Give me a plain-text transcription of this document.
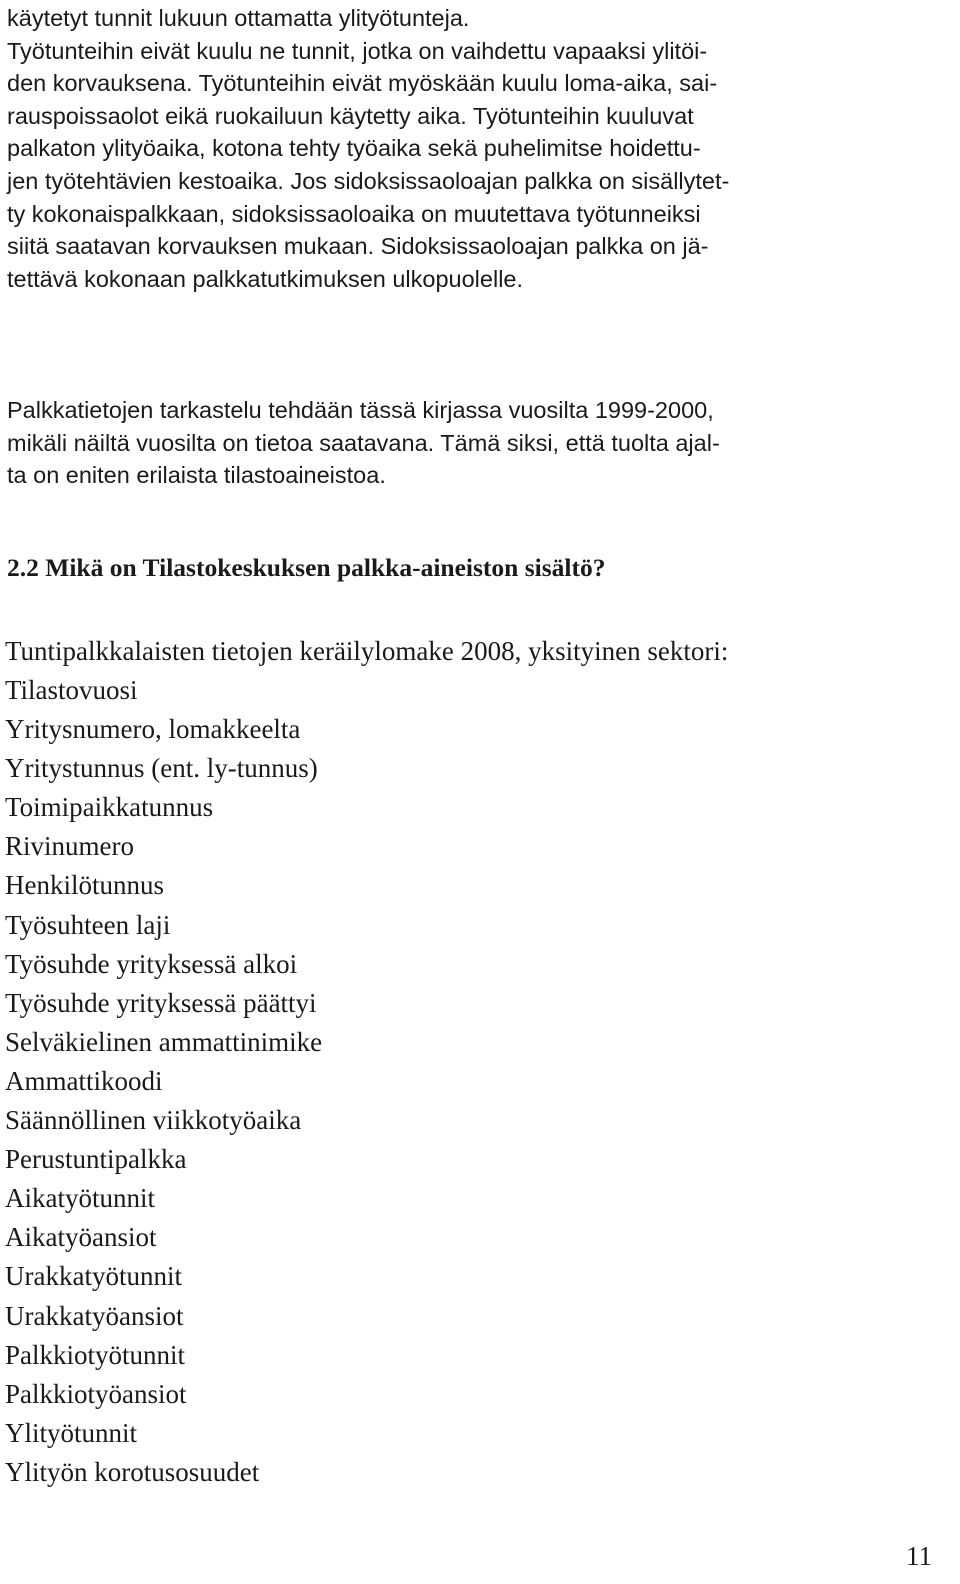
käytetyt tunnit lukuun ottamatta ylityötunteja.
Työtunteihin eivät kuulu ne tunnit, jotka on vaihdettu vapaaksi ylitöi-
den korvauksena. Työtunteihin eivät myöskään kuulu loma-aika, sai-
rauspoissaolot eikä ruokailuun käytetty aika. Työtunteihin kuuluvat
palkaton ylityöaika, kotona tehty työaika sekä puhelimitse hoidettu-
jen työtehtävien kestoaika. Jos sidoksissaoloajan palkka on sisällytet-
ty kokonaispalkkaan, sidoksissaoloaika on muutettava työtunneiksi
siitä saatavan korvauksen mukaan. Sidoksissaoloajan palkka on jä-
tettävä kokonaan palkkatutkimuksen ulkopuolelle.

Palkkatietojen tarkastelu tehdään tässä kirjassa vuosilta 1999-2000,
mikäli näiltä vuosilta on tietoa saatavana. Tämä siksi, että tuolta ajal-
ta on eniten erilaista tilastoaineistoa.

2.2 Mikä on Tilastokeskuksen palkka-aineiston sisältö?

Tuntipalkkalaisten tietojen keräilylomake 2008, yksityinen sektori:

Tilastovuosi
Yritysnumero, lomakkeelta
Yritystunnus (ent. ly-tunnus)
Toimipaikkatunnus
Rivinumero
Henkilötunnus
Työsuhteen laji
Työsuhde yrityksessä alkoi
Työsuhde yrityksessä päättyi
Selväkielinen ammattinimike
Ammattikoodi
Säännöllinen viikkotyöaika
Perustuntipalkka
Aikatyötunnit
Aikatyöansiot
Urakkatyötunnit
Urakkatyöansiot
Palkkiotyötunnit
Palkkiotyöansiot
Ylityötunnit
Ylityön korotusosuudet
11
